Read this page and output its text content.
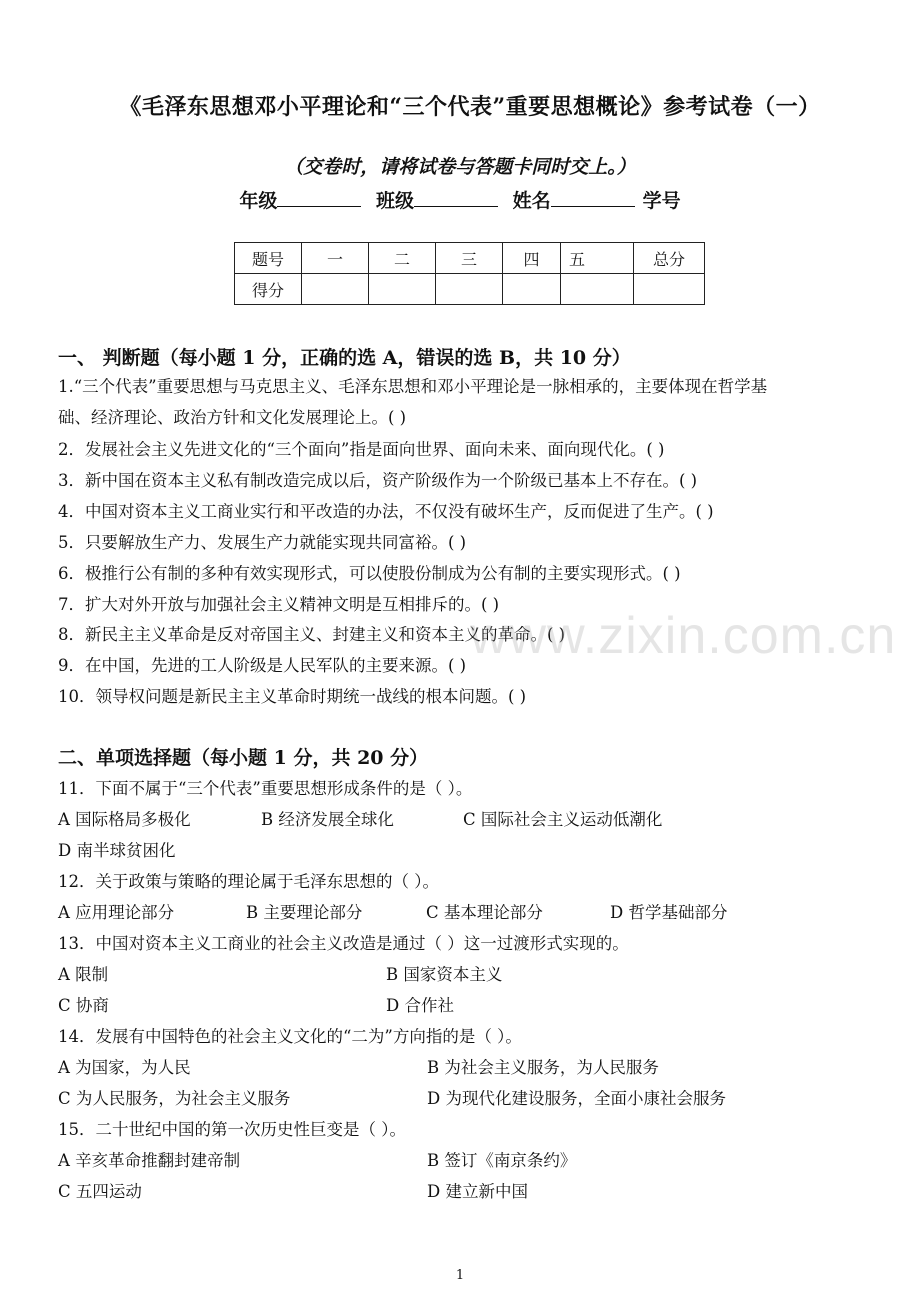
《毛泽东思想邓小平理论和“三个代表”重要思想概论》参考试卷（一）
（交卷时，请将试卷与答题卡同时交上。）
年级	班级	姓名	学号
题号	一	二	三	四	五	总分
得分						
一、 判断题（每小题 1 分，正确的选 A，错误的选 B，共 10 分）
1.“三个代表”重要思想与马克思主义、毛泽东思想和邓小平理论是一脉相承的，主要体现在哲学基
础、经济理论、政治方针和文化发展理论上。( )
2．发展社会主义先进文化的“三个面向”指是面向世界、面向未来、面向现代化。( )
3．新中国在资本主义私有制改造完成以后，资产阶级作为一个阶级已基本上不存在。( )
4．中国对资本主义工商业实行和平改造的办法，不仅没有破坏生产，反而促进了生产。( )
5．只要解放生产力、发展生产力就能实现共同富裕。( )
6．极推行公有制的多种有效实现形式，可以使股份制成为公有制的主要实现形式。( )
7．扩大对外开放与加强社会主义精神文明是互相排斥的。( )
8．新民主主义革命是反对帝国主义、封建主义和资本主义的革命。( )
9．在中国，先进的工人阶级是人民军队的主要来源。( )
10．领导权问题是新民主主义革命时期统一战线的根本问题。( )
www.zixin.com.cn
二、单项选择题（每小题 1 分，共 20 分）
11．下面不属于“三个代表”重要思想形成条件的是（ ）。
A 国际格局多极化	B 经济发展全球化	C 国际社会主义运动低潮化
D 南半球贫困化
12．关于政策与策略的理论属于毛泽东思想的（ ）。
A 应用理论部分	B 主要理论部分	C 基本理论部分	D 哲学基础部分
13．中国对资本主义工商业的社会主义改造是通过（ ）这一过渡形式实现的。
A 限制	B 国家资本主义
C 协商	D 合作社
14．发展有中国特色的社会主义文化的“二为”方向指的是（ ）。
A 为国家，为人民	B 为社会主义服务，为人民服务
C 为人民服务，为社会主义服务	D 为现代化建设服务，全面小康社会服务
15．二十世纪中国的第一次历史性巨变是（ ）。
A 辛亥革命推翻封建帝制	B 签订《南京条约》
C 五四运动	D 建立新中国
1
